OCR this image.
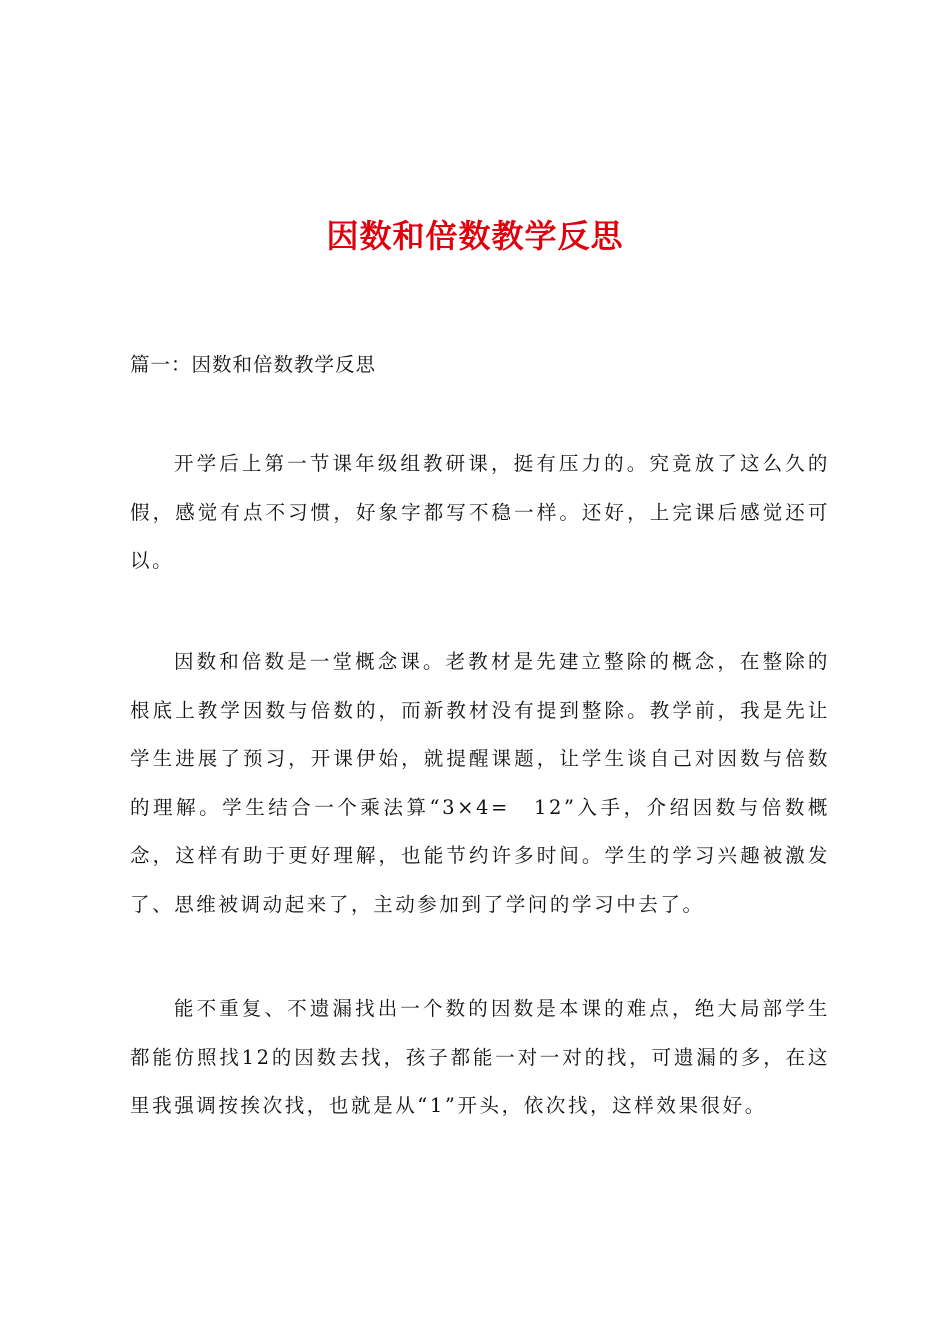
因数和倍数教学反思
篇一：因数和倍数教学反思

开学后上第一节课年级组教研课，挺有压力的。究竟放了这么久的假，感觉有点不习惯，好象字都写不稳一样。还好，上完课后感觉还可以。

因数和倍数是一堂概念课。老教材是先建立整除的概念，在整除的根底上教学因数与倍数的，而新教材没有提到整除。教学前，我是先让学生进展了预习，开课伊始，就提醒课题，让学生谈自己对因数与倍数的理解。学生结合一个乘法算“3×4=　12”入手，介绍因数与倍数概念，这样有助于更好理解，也能节约许多时间。学生的学习兴趣被激发了、思维被调动起来了，主动参加到了学问的学习中去了。

能不重复、不遗漏找出一个数的因数是本课的难点，绝大局部学生都能仿照找12的因数去找，孩子都能一对一对的找，可遗漏的多，在这里我强调按挨次找，也就是从“1”开头，依次找，这样效果很好。
